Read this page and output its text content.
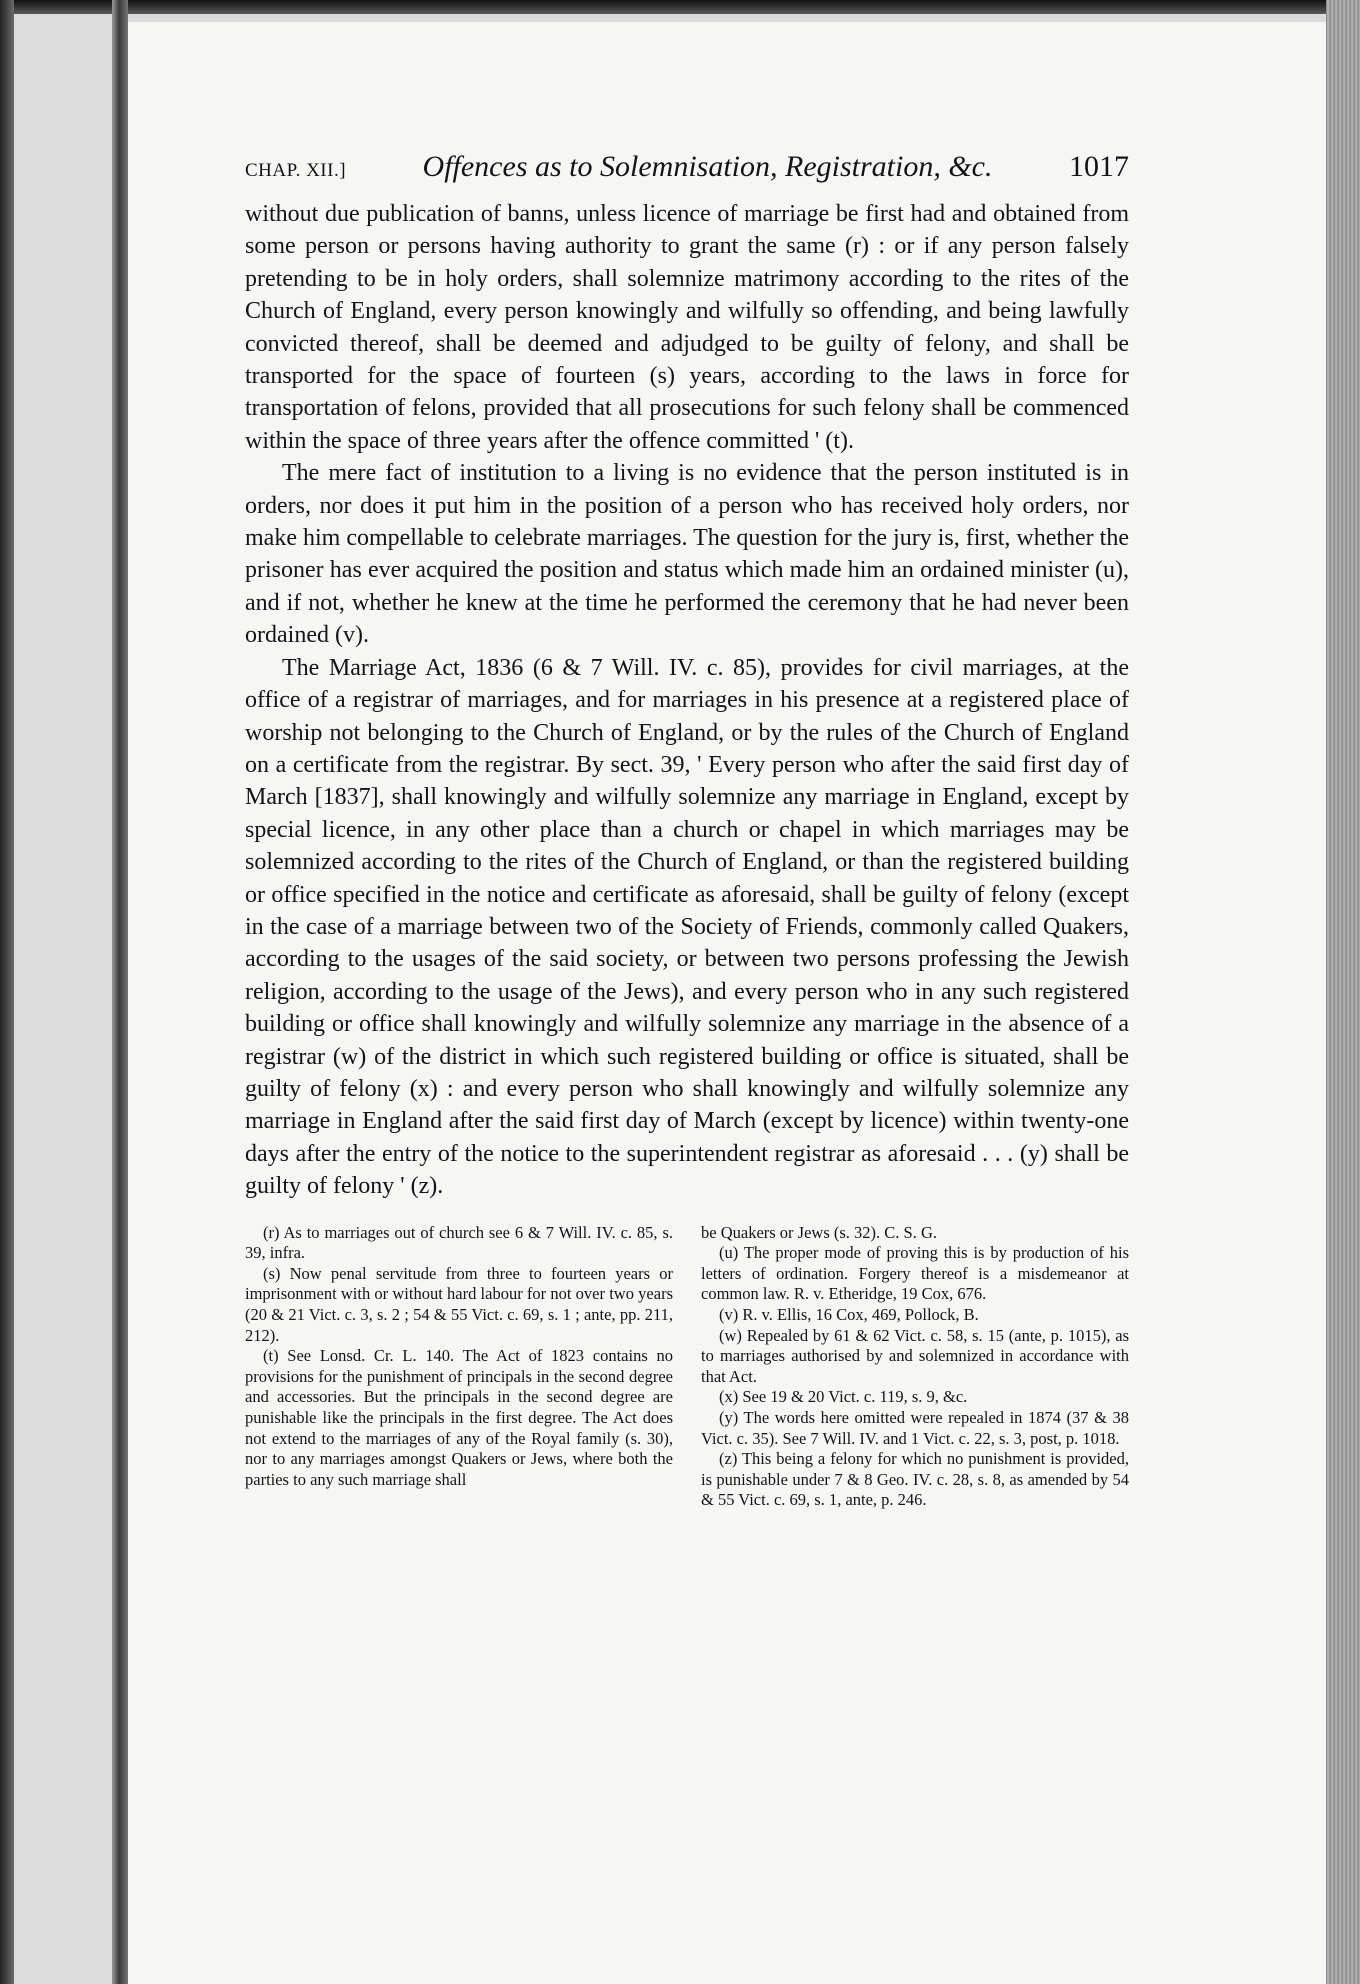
CHAP. XII.]	Offences as to Solemnisation, Registration, &c.	1017

without due publication of banns, unless licence of marriage be first had and obtained from some person or persons having authority to grant the same (r) : or if any person falsely pretending to be in holy orders, shall solemnize matrimony according to the rites of the Church of England, every person knowingly and wilfully so offending, and being lawfully convicted thereof, shall be deemed and adjudged to be guilty of felony, and shall be transported for the space of fourteen (s) years, according to the laws in force for transportation of felons, provided that all prosecutions for such felony shall be commenced within the space of three years after the offence committed ' (t).

The mere fact of institution to a living is no evidence that the person instituted is in orders, nor does it put him in the position of a person who has received holy orders, nor make him compellable to celebrate marriages. The question for the jury is, first, whether the prisoner has ever acquired the position and status which made him an ordained minister (u), and if not, whether he knew at the time he performed the ceremony that he had never been ordained (v).

The Marriage Act, 1836 (6 & 7 Will. IV. c. 85), provides for civil marriages, at the office of a registrar of marriages, and for marriages in his presence at a registered place of worship not belonging to the Church of England, or by the rules of the Church of England on a certificate from the registrar. By sect. 39, ' Every person who after the said first day of March [1837], shall knowingly and wilfully solemnize any marriage in England, except by special licence, in any other place than a church or chapel in which marriages may be solemnized according to the rites of the Church of England, or than the registered building or office specified in the notice and certificate as aforesaid, shall be guilty of felony (except in the case of a marriage between two of the Society of Friends, commonly called Quakers, according to the usages of the said society, or between two persons professing the Jewish religion, according to the usage of the Jews), and every person who in any such registered building or office shall knowingly and wilfully solemnize any marriage in the absence of a registrar (w) of the district in which such registered building or office is situated, shall be guilty of felony (x) : and every person who shall knowingly and wilfully solemnize any marriage in England after the said first day of March (except by licence) within twenty-one days after the entry of the notice to the superintendent registrar as aforesaid . . . (y) shall be guilty of felony ' (z).

(r) As to marriages out of church see 6 & 7 Will. IV. c. 85, s. 39, infra.

(s) Now penal servitude from three to fourteen years or imprisonment with or without hard labour for not over two years (20 & 21 Vict. c. 3, s. 2 ; 54 & 55 Vict. c. 69, s. 1 ; ante, pp. 211, 212).

(t) See Lonsd. Cr. L. 140. The Act of 1823 contains no provisions for the punishment of principals in the second degree and accessories. But the principals in the second degree are punishable like the principals in the first degree. The Act does not extend to the marriages of any of the Royal family (s. 30), nor to any marriages amongst Quakers or Jews, where both the parties to any such marriage shall

be Quakers or Jews (s. 32). C. S. G.

(u) The proper mode of proving this is by production of his letters of ordination. Forgery thereof is a misdemeanor at common law. R. v. Etheridge, 19 Cox, 676.

(v) R. v. Ellis, 16 Cox, 469, Pollock, B.

(w) Repealed by 61 & 62 Vict. c. 58, s. 15 (ante, p. 1015), as to marriages authorised by and solemnized in accordance with that Act.

(x) See 19 & 20 Vict. c. 119, s. 9, &c.

(y) The words here omitted were repealed in 1874 (37 & 38 Vict. c. 35). See 7 Will. IV. and 1 Vict. c. 22, s. 3, post, p. 1018.

(z) This being a felony for which no punishment is provided, is punishable under 7 & 8 Geo. IV. c. 28, s. 8, as amended by 54 & 55 Vict. c. 69, s. 1, ante, p. 246.
